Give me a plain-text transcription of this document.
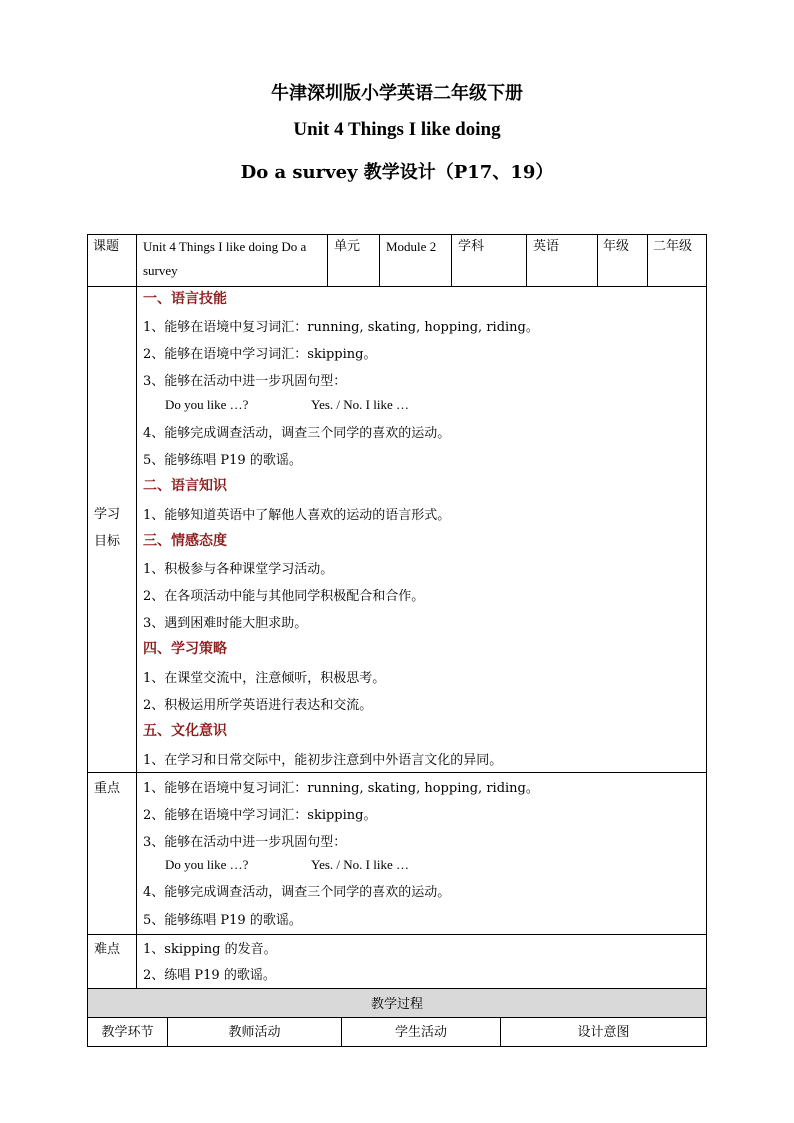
牛津深圳版小学英语二年级下册
Unit 4 Things I like doing
Do a survey 教学设计（P17、19）
课题 Unit 4 Things I like doing Do a
survey
单元 Module 2 学科	英语	年级 二年级
学习
目标
一、语言技能
1、能够在语境中复习词汇：running, skating, hopping, riding。
2、能够在语境中学习词汇：skipping。
3、能够在活动中进一步巩固句型：
Do you like …?	Yes. / No. I like …
4、能够完成调查活动，调查三个同学的喜欢的运动。
5、能够练唱 P19 的歌谣。
二、语言知识
1、能够知道英语中了解他人喜欢的运动的语言形式。
三、情感态度
1、积极参与各种课堂学习活动。
2、在各项活动中能与其他同学积极配合和合作。
3、遇到困难时能大胆求助。
四、学习策略
1、在课堂交流中，注意倾听，积极思考。
2、积极运用所学英语进行表达和交流。
五、文化意识
1、在学习和日常交际中，能初步注意到中外语言文化的异同。
重点 1、能够在语境中复习词汇：running, skating, hopping, riding。
2、能够在语境中学习词汇：skipping。
3、能够在活动中进一步巩固句型：
Do you like …?	Yes. / No. I like …
4、能够完成调查活动，调查三个同学的喜欢的运动。
5、能够练唱 P19 的歌谣。
难点 1、skipping 的发音。
2、练唱 P19 的歌谣。
教学过程
教学环节	教师活动	学生活动	设计意图
